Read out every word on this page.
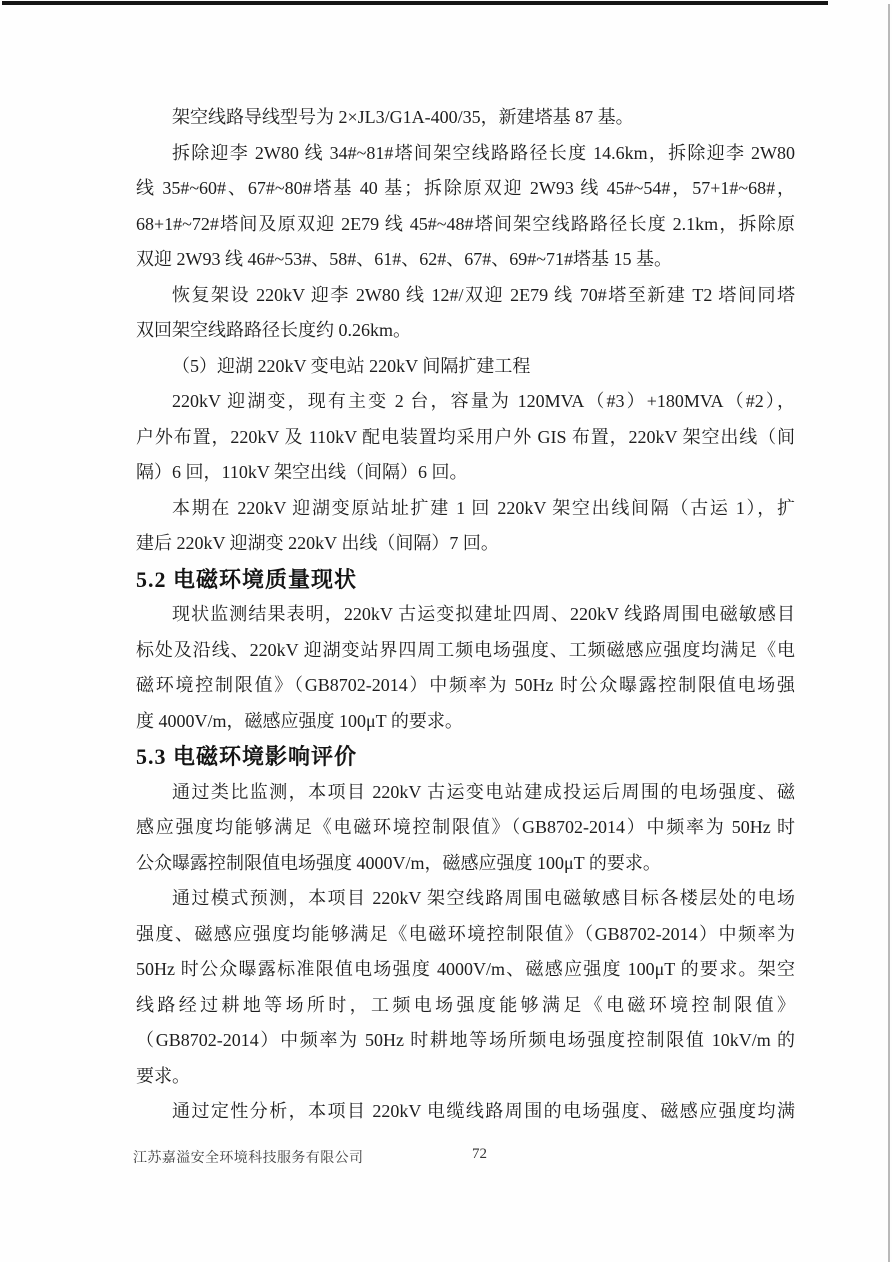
架空线路导线型号为 2×JL3/G1A-400/35，新建塔基 87 基。
拆除迎李 2W80 线 34#~81#塔间架空线路路径长度 14.6km，拆除迎李 2W80
线 35#~60#、67#~80#塔基 40 基；拆除原双迎 2W93 线 45#~54#，57+1#~68#，
68+1#~72#塔间及原双迎 2E79 线 45#~48#塔间架空线路路径长度 2.1km，拆除原
双迎 2W93 线 46#~53#、58#、61#、62#、67#、69#~71#塔基 15 基。
恢复架设 220kV 迎李 2W80 线 12#/双迎 2E79 线 70#塔至新建 T2 塔间同塔
双回架空线路路径长度约 0.26km。
（5）迎湖 220kV 变电站 220kV 间隔扩建工程
220kV 迎湖变，现有主变 2 台，容量为 120MVA（#3）+180MVA（#2），
户外布置，220kV 及 110kV 配电装置均采用户外 GIS 布置，220kV 架空出线（间
隔）6 回，110kV 架空出线（间隔）6 回。
本期在 220kV 迎湖变原站址扩建 1 回 220kV 架空出线间隔（古运 1），扩
建后 220kV 迎湖变 220kV 出线（间隔）7 回。
5.2 电磁环境质量现状
现状监测结果表明，220kV 古运变拟建址四周、220kV 线路周围电磁敏感目
标处及沿线、220kV 迎湖变站界四周工频电场强度、工频磁感应强度均满足《电
磁环境控制限值》（GB8702-2014）中频率为 50Hz 时公众曝露控制限值电场强
度 4000V/m，磁感应强度 100μT 的要求。
5.3 电磁环境影响评价
通过类比监测，本项目 220kV 古运变电站建成投运后周围的电场强度、磁
感应强度均能够满足《电磁环境控制限值》（GB8702-2014）中频率为 50Hz 时
公众曝露控制限值电场强度 4000V/m，磁感应强度 100μT 的要求。
通过模式预测，本项目 220kV 架空线路周围电磁敏感目标各楼层处的电场
强度、磁感应强度均能够满足《电磁环境控制限值》（GB8702-2014）中频率为
50Hz 时公众曝露标准限值电场强度 4000V/m、磁感应强度 100μT 的要求。架空
线路经过耕地等场所时，工频电场强度能够满足《电磁环境控制限值》
（GB8702-2014）中频率为 50Hz 时耕地等场所频电场强度控制限值 10kV/m 的
要求。
通过定性分析，本项目 220kV 电缆线路周围的电场强度、磁感应强度均满
江苏嘉溢安全环境科技服务有限公司	72
